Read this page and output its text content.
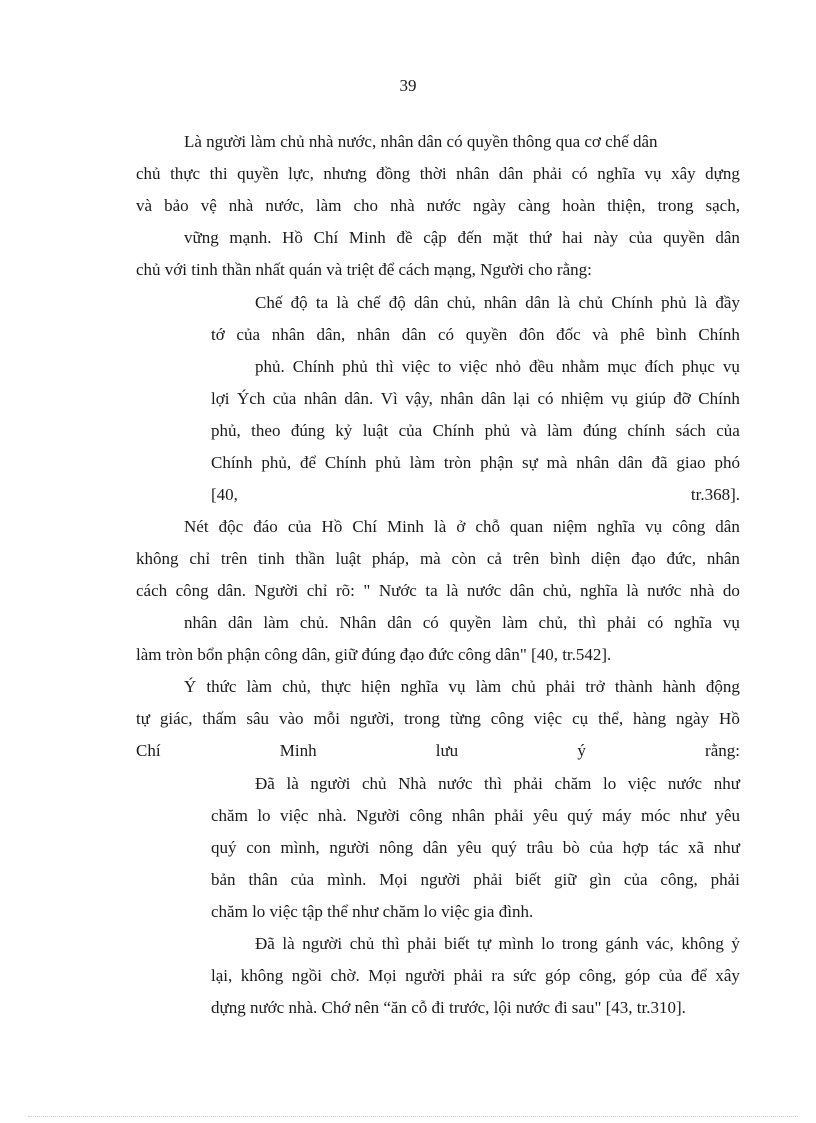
39
Là người làm chủ nhà nước, nhân dân có quyền thông qua cơ chế dân
chủ thực thi quyền lực, nhưng đồng thời nhân dân phải có nghĩa vụ xây dựng
và bảo vệ nhà nước, làm cho nhà nước ngày càng hoàn thiện, trong sạch,
vững mạnh. Hồ Chí Minh đề cập đến mặt thứ hai này của quyền dân
chủ với tinh thần nhất quán và triệt để cách mạng, Người cho rằng:
Chế độ ta là chế độ dân chủ, nhân dân là chủ Chính phủ là đầy
tớ của nhân dân, nhân dân có quyền đôn đốc và phê bình Chính
phủ. Chính phủ thì việc to việc nhỏ đều nhằm mục đích phục vụ
lợi Ých của nhân dân. Vì vậy, nhân dân lại có nhiệm vụ giúp đỡ Chính
phủ, theo đúng kỷ luật của Chính phủ và làm đúng chính sách của
Chính phủ, để Chính phủ làm tròn phận sự mà nhân dân đã giao phó
[40,	tr.368].
Nét độc đáo của Hồ Chí Minh là ở chỗ quan niệm nghĩa vụ công dân
không chỉ trên tinh thần luật pháp, mà còn cả trên bình diện đạo đức, nhân
cách công dân. Người chỉ rõ: " Nước ta là nước dân chủ, nghĩa là nước nhà do
nhân dân làm chủ. Nhân dân có quyền làm chủ, thì phải có nghĩa vụ
làm tròn bổn phận công dân, giữ đúng đạo đức công dân" [40, tr.542].
Ý thức làm chủ, thực hiện nghĩa vụ làm chủ phải trở thành hành động
tự giác, thấm sâu vào mỗi người, trong từng công việc cụ thể, hàng ngày Hồ
Chí	Minh	lưu	ý	rằng:
Đã là người chủ Nhà nước thì phải chăm lo việc nước như
chăm lo việc nhà. Người công nhân phải yêu quý máy móc như yêu
quý con mình, người nông dân yêu quý trâu bò của hợp tác xã như
bản thân của mình. Mọi người phải biết giữ gìn của công, phải
chăm lo việc tập thể như chăm lo việc gia đình.
Đã là người chủ thì phải biết tự mình lo trong gánh vác, không ỷ
lại, không ngồi chờ. Mọi người phải ra sức góp công, góp của để xây
dựng nước nhà. Chớ nên “ăn cỗ đi trước, lội nước đi sau" [43, tr.310].
